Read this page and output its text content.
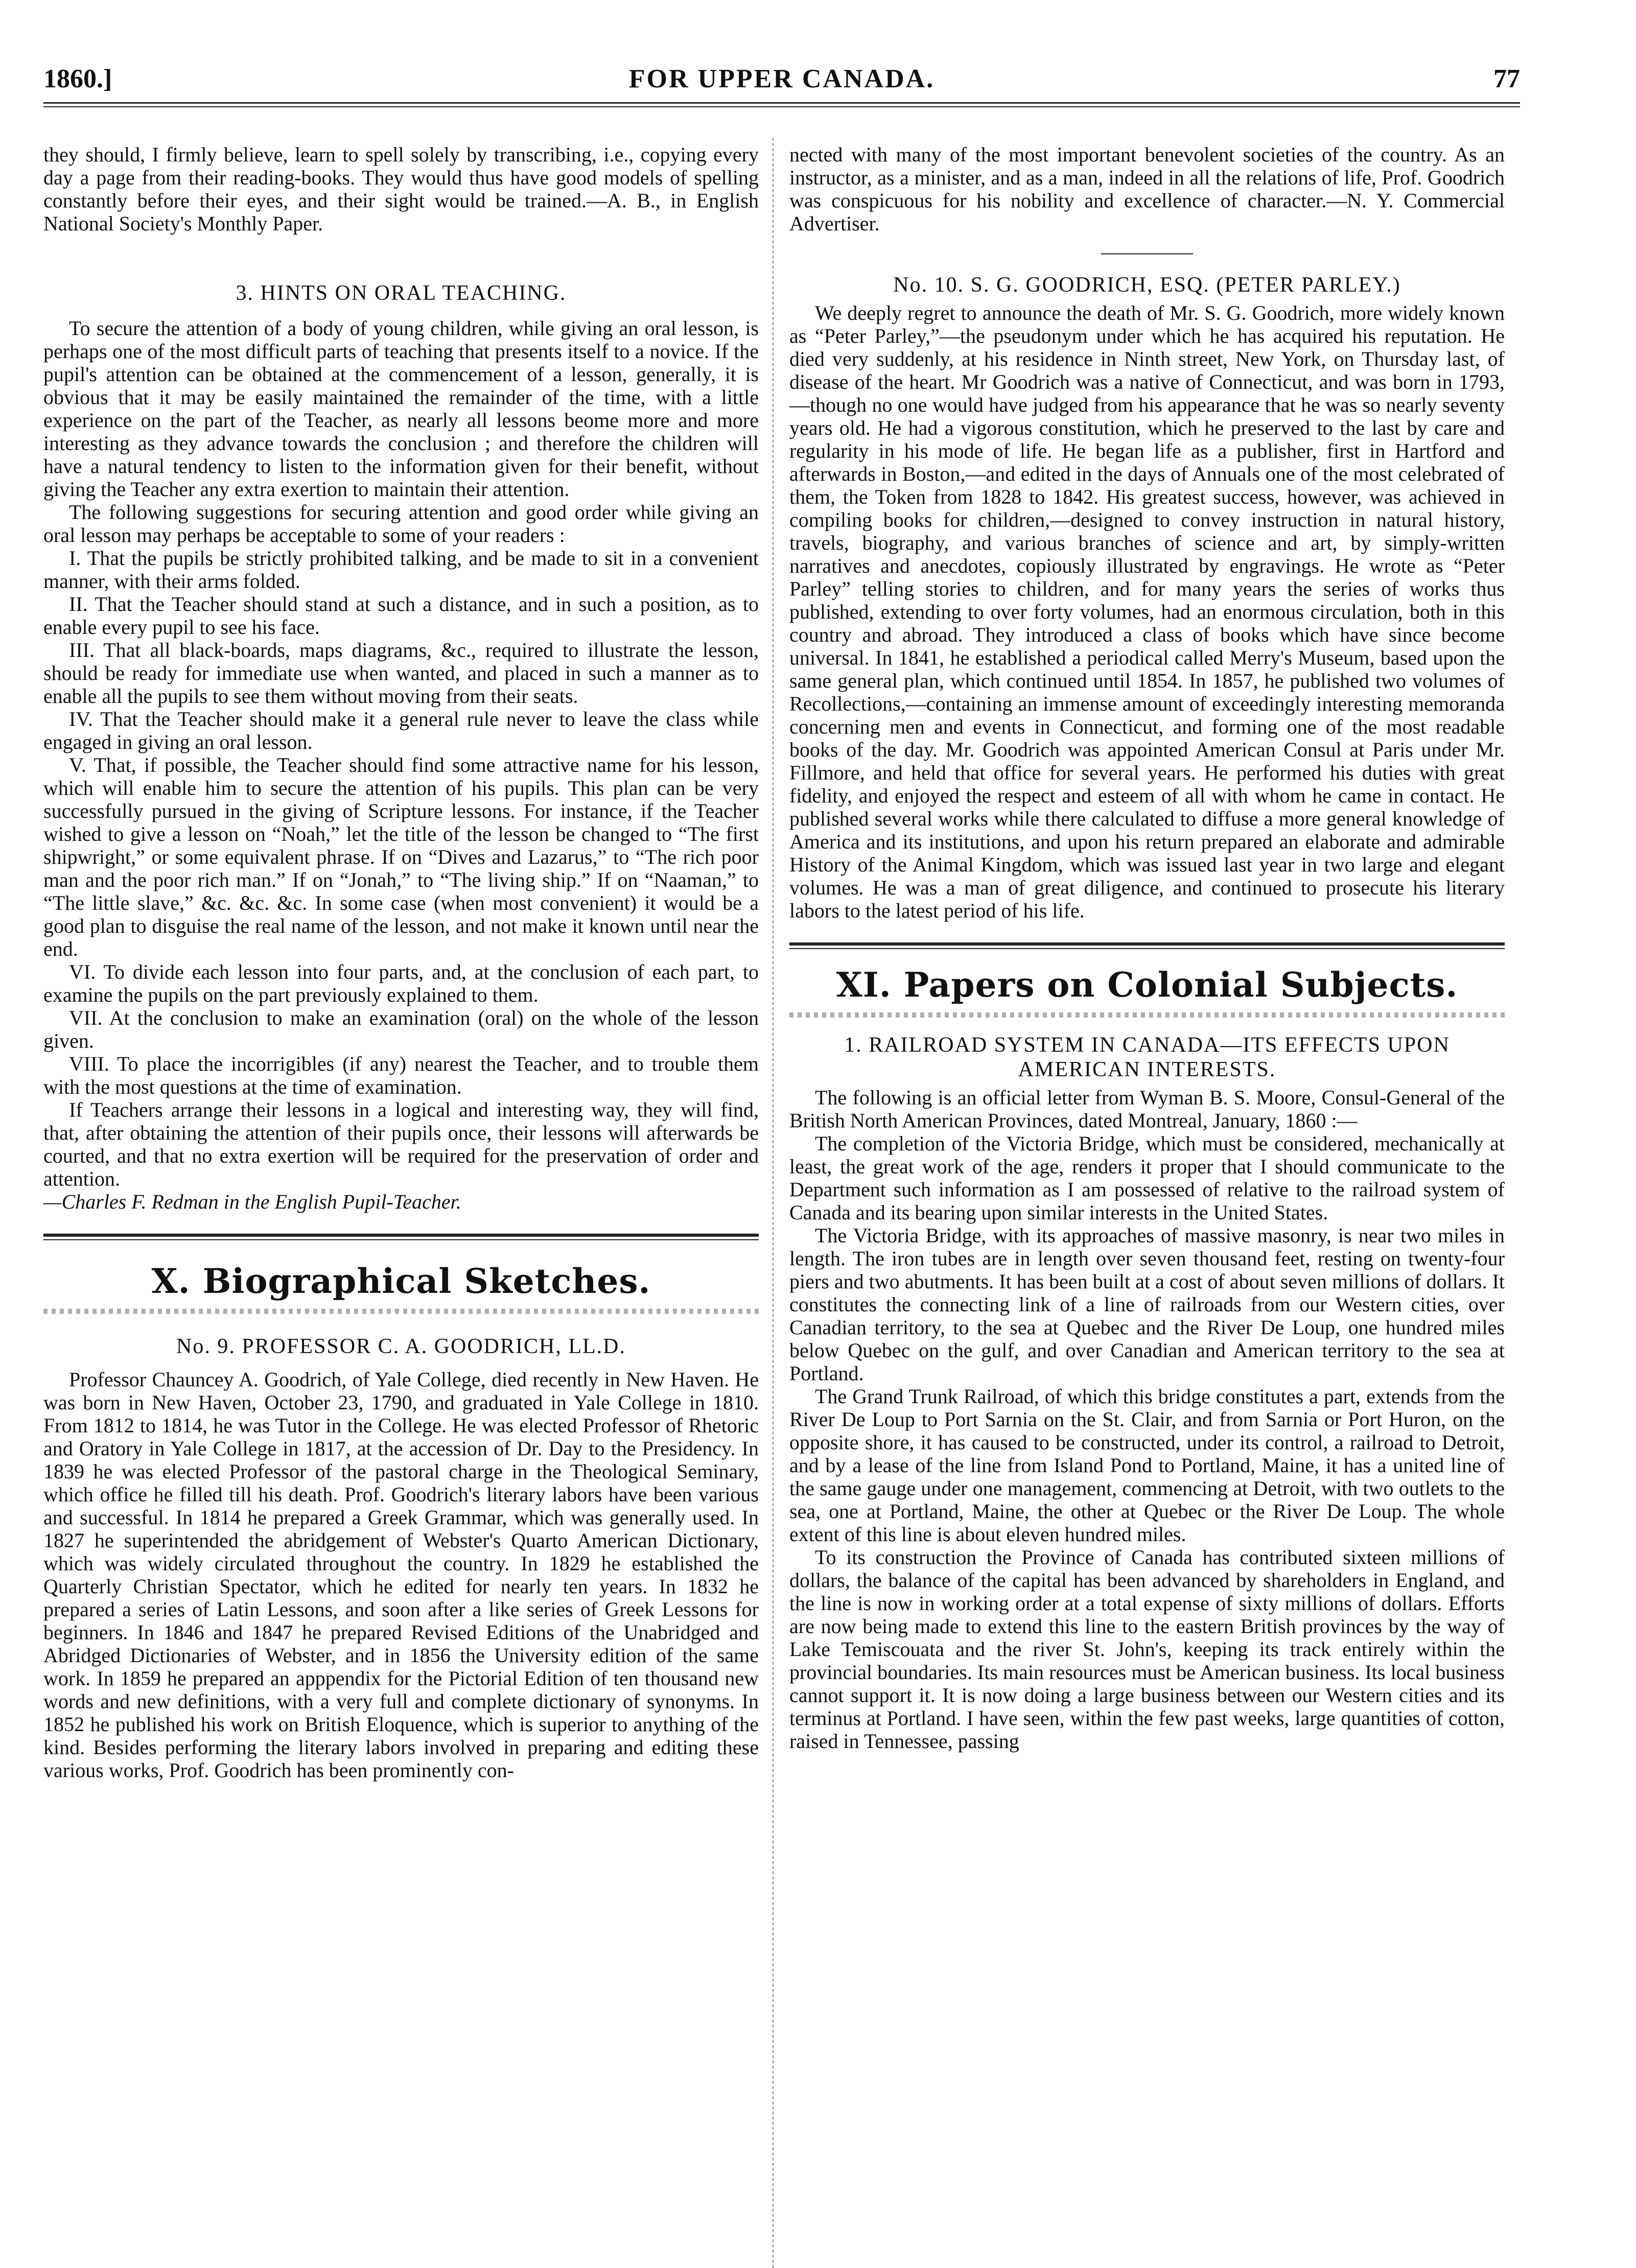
1860.]	FOR UPPER CANADA.	77

they should, I firmly believe, learn to spell solely by transcribing, i.e., copying every day a page from their reading-books. They would thus have good models of spelling constantly before their eyes, and their sight would be trained.—A. B., in English National Society's Monthly Paper.

3. HINTS ON ORAL TEACHING.

To secure the attention of a body of young children, while giving an oral lesson, is perhaps one of the most difficult parts of teaching that presents itself to a novice. If the pupil's attention can be obtained at the commencement of a lesson, generally, it is obvious that it may be easily maintained the remainder of the time, with a little experience on the part of the Teacher, as nearly all lessons beome more and more interesting as they advance towards the conclusion ; and therefore the children will have a natural tendency to listen to the information given for their benefit, without giving the Teacher any extra exertion to maintain their attention.

The following suggestions for securing attention and good order while giving an oral lesson may perhaps be acceptable to some of your readers :

I. That the pupils be strictly prohibited talking, and be made to sit in a convenient manner, with their arms folded.

II. That the Teacher should stand at such a distance, and in such a position, as to enable every pupil to see his face.

III. That all black-boards, maps diagrams, &c., required to illustrate the lesson, should be ready for immediate use when wanted, and placed in such a manner as to enable all the pupils to see them without moving from their seats.

IV. That the Teacher should make it a general rule never to leave the class while engaged in giving an oral lesson.

V. That, if possible, the Teacher should find some attractive name for his lesson, which will enable him to secure the attention of his pupils. This plan can be very successfully pursued in the giving of Scripture lessons. For instance, if the Teacher wished to give a lesson on “Noah,” let the title of the lesson be changed to “The first shipwright,” or some equivalent phrase. If on “Dives and Lazarus,” to “The rich poor man and the poor rich man.” If on “Jonah,” to “The living ship.” If on “Naaman,” to “The little slave,” &c. &c. &c. In some case (when most convenient) it would be a good plan to disguise the real name of the lesson, and not make it known until near the end.

VI. To divide each lesson into four parts, and, at the conclusion of each part, to examine the pupils on the part previously explained to them.

VII. At the conclusion to make an examination (oral) on the whole of the lesson given.

VIII. To place the incorrigibles (if any) nearest the Teacher, and to trouble them with the most questions at the time of examination.

If Teachers arrange their lessons in a logical and interesting way, they will find, that, after obtaining the attention of their pupils once, their lessons will afterwards be courted, and that no extra exertion will be required for the preservation of order and attention.

—Charles F. Redman in the English Pupil-Teacher.

X. Biographical Sketches.

No. 9. PROFESSOR C. A. GOODRICH, LL.D.

Professor Chauncey A. Goodrich, of Yale College, died recently in New Haven. He was born in New Haven, October 23, 1790, and graduated in Yale College in 1810. From 1812 to 1814, he was Tutor in the College. He was elected Professor of Rhetoric and Oratory in Yale College in 1817, at the accession of Dr. Day to the Presidency. In 1839 he was elected Professor of the pastoral charge in the Theological Seminary, which office he filled till his death. Prof. Goodrich's literary labors have been various and successful. In 1814 he prepared a Greek Grammar, which was generally used. In 1827 he superintended the abridgement of Webster's Quarto American Dictionary, which was widely circulated throughout the country. In 1829 he established the Quarterly Christian Spectator, which he edited for nearly ten years. In 1832 he prepared a series of Latin Lessons, and soon after a like series of Greek Lessons for beginners. In 1846 and 1847 he prepared Revised Editions of the Unabridged and Abridged Dictionaries of Webster, and in 1856 the University edition of the same work. In 1859 he prepared an apppendix for the Pictorial Edition of ten thousand new words and new definitions, with a very full and complete dictionary of synonyms. In 1852 he published his work on British Eloquence, which is superior to anything of the kind. Besides performing the literary labors involved in preparing and editing these various works, Prof. Goodrich has been prominently con-

nected with many of the most important benevolent societies of the country. As an instructor, as a minister, and as a man, indeed in all the relations of life, Prof. Goodrich was conspicuous for his nobility and excellence of character.—N. Y. Commercial Advertiser.

No. 10. S. G. GOODRICH, ESQ. (PETER PARLEY.)

We deeply regret to announce the death of Mr. S. G. Goodrich, more widely known as “Peter Parley,”—the pseudonym under which he has acquired his reputation. He died very suddenly, at his residence in Ninth street, New York, on Thursday last, of disease of the heart. Mr Goodrich was a native of Connecticut, and was born in 1793,—though no one would have judged from his appearance that he was so nearly seventy years old. He had a vigorous constitution, which he preserved to the last by care and regularity in his mode of life. He began life as a publisher, first in Hartford and afterwards in Boston,—and edited in the days of Annuals one of the most celebrated of them, the Token from 1828 to 1842. His greatest success, however, was achieved in compiling books for children,—designed to convey instruction in natural history, travels, biography, and various branches of science and art, by simply-written narratives and anecdotes, copiously illustrated by engravings. He wrote as “Peter Parley” telling stories to children, and for many years the series of works thus published, extending to over forty volumes, had an enormous circulation, both in this country and abroad. They introduced a class of books which have since become universal. In 1841, he established a periodical called Merry's Museum, based upon the same general plan, which continued until 1854. In 1857, he published two volumes of Recollections,—containing an immense amount of exceedingly interesting memoranda concerning men and events in Connecticut, and forming one of the most readable books of the day. Mr. Goodrich was appointed American Consul at Paris under Mr. Fillmore, and held that office for several years. He performed his duties with great fidelity, and enjoyed the respect and esteem of all with whom he came in contact. He published several works while there calculated to diffuse a more general knowledge of America and its institutions, and upon his return prepared an elaborate and admirable History of the Animal Kingdom, which was issued last year in two large and elegant volumes. He was a man of great diligence, and continued to prosecute his literary labors to the latest period of his life.

XI. Papers on Colonial Subjects.

1. RAILROAD SYSTEM IN CANADA—ITS EFFECTS UPON AMERICAN INTERESTS.

The following is an official letter from Wyman B. S. Moore, Consul-General of the British North American Provinces, dated Montreal, January, 1860 :—

The completion of the Victoria Bridge, which must be considered, mechanically at least, the great work of the age, renders it proper that I should communicate to the Department such information as I am possessed of relative to the railroad system of Canada and its bearing upon similar interests in the United States.

The Victoria Bridge, with its approaches of massive masonry, is near two miles in length. The iron tubes are in length over seven thousand feet, resting on twenty-four piers and two abutments. It has been built at a cost of about seven millions of dollars. It constitutes the connecting link of a line of railroads from our Western cities, over Canadian territory, to the sea at Quebec and the River De Loup, one hundred miles below Quebec on the gulf, and over Canadian and American territory to the sea at Portland.

The Grand Trunk Railroad, of which this bridge constitutes a part, extends from the River De Loup to Port Sarnia on the St. Clair, and from Sarnia or Port Huron, on the opposite shore, it has caused to be constructed, under its control, a railroad to Detroit, and by a lease of the line from Island Pond to Portland, Maine, it has a united line of the same gauge under one management, commencing at Detroit, with two outlets to the sea, one at Portland, Maine, the other at Quebec or the River De Loup. The whole extent of this line is about eleven hundred miles.

To its construction the Province of Canada has contributed sixteen millions of dollars, the balance of the capital has been advanced by shareholders in England, and the line is now in working order at a total expense of sixty millions of dollars. Efforts are now being made to extend this line to the eastern British provinces by the way of Lake Temiscouata and the river St. John's, keeping its track entirely within the provincial boundaries. Its main resources must be American business. Its local business cannot support it. It is now doing a large business between our Western cities and its terminus at Portland. I have seen, within the few past weeks, large quantities of cotton, raised in Tennessee, passing
